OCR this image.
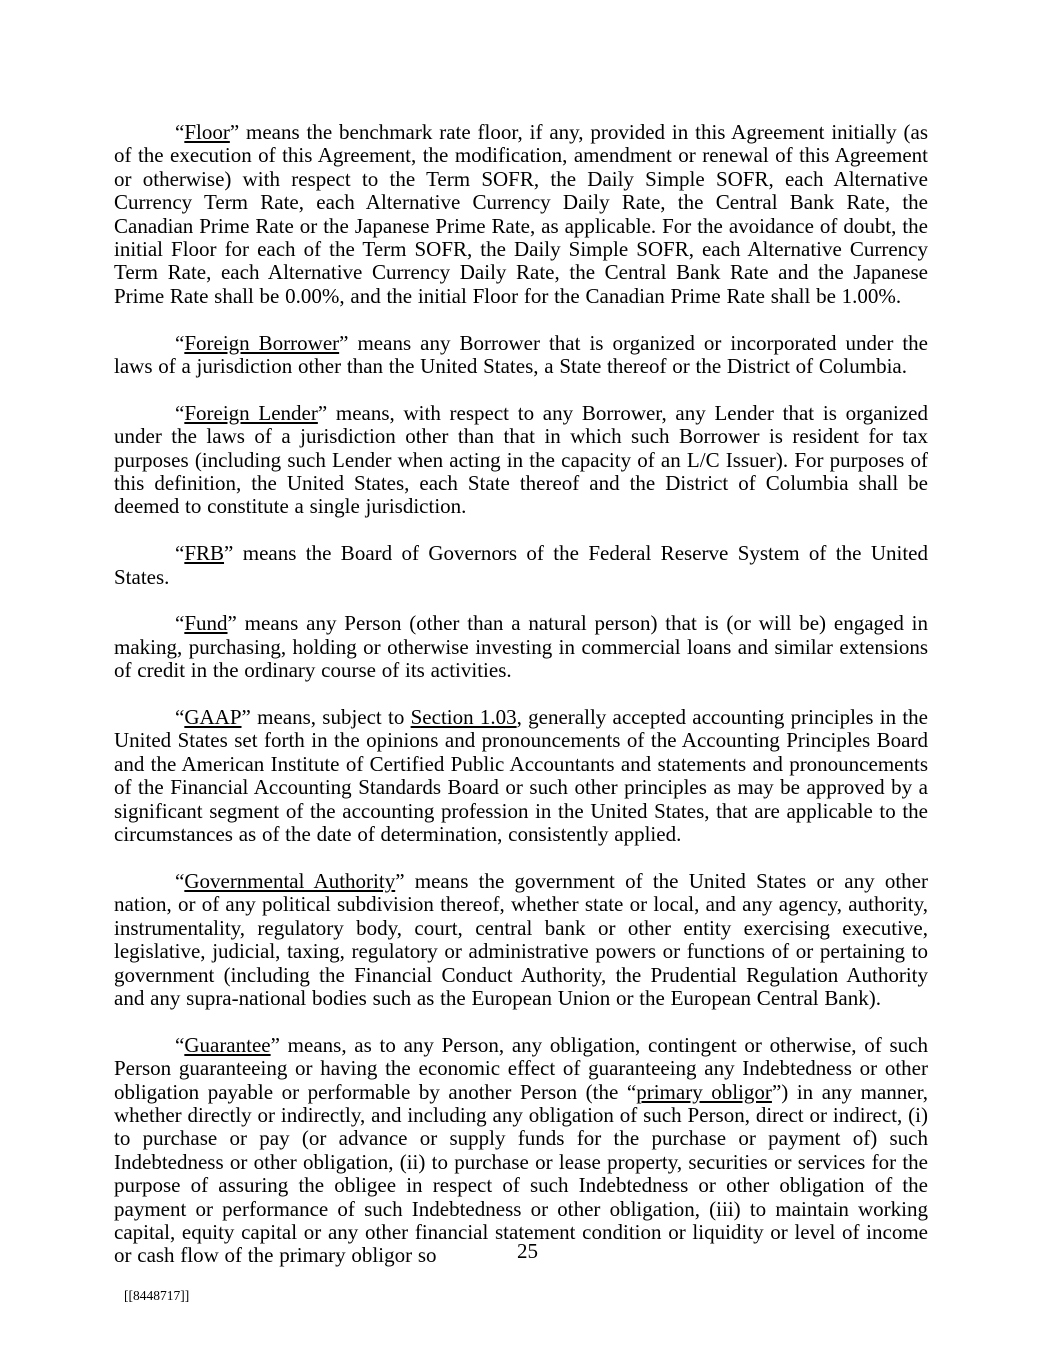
“Floor” means the benchmark rate floor, if any, provided in this Agreement initially (as of the execution of this Agreement, the modification, amendment or renewal of this Agreement or otherwise) with respect to the Term SOFR, the Daily Simple SOFR, each Alternative Currency Term Rate, each Alternative Currency Daily Rate, the Central Bank Rate, the Canadian Prime Rate or the Japanese Prime Rate, as applicable. For the avoidance of doubt, the initial Floor for each of the Term SOFR, the Daily Simple SOFR, each Alternative Currency Term Rate, each Alternative Currency Daily Rate, the Central Bank Rate and the Japanese Prime Rate shall be 0.00%, and the initial Floor for the Canadian Prime Rate shall be 1.00%.

“Foreign Borrower” means any Borrower that is organized or incorporated under the laws of a jurisdiction other than the United States, a State thereof or the District of Columbia.

“Foreign Lender” means, with respect to any Borrower, any Lender that is organized under the laws of a jurisdiction other than that in which such Borrower is resident for tax purposes (including such Lender when acting in the capacity of an L/C Issuer). For purposes of this definition, the United States, each State thereof and the District of Columbia shall be deemed to constitute a single jurisdiction.

“FRB” means the Board of Governors of the Federal Reserve System of the United States.

“Fund” means any Person (other than a natural person) that is (or will be) engaged in making, purchasing, holding or otherwise investing in commercial loans and similar extensions of credit in the ordinary course of its activities.

“GAAP” means, subject to Section 1.03, generally accepted accounting principles in the United States set forth in the opinions and pronouncements of the Accounting Principles Board and the American Institute of Certified Public Accountants and statements and pronouncements of the Financial Accounting Standards Board or such other principles as may be approved by a significant segment of the accounting profession in the United States, that are applicable to the circumstances as of the date of determination, consistently applied.

“Governmental Authority” means the government of the United States or any other nation, or of any political subdivision thereof, whether state or local, and any agency, authority, instrumentality, regulatory body, court, central bank or other entity exercising executive, legislative, judicial, taxing, regulatory or administrative powers or functions of or pertaining to government (including the Financial Conduct Authority, the Prudential Regulation Authority and any supra-national bodies such as the European Union or the European Central Bank).

“Guarantee” means, as to any Person, any obligation, contingent or otherwise, of such Person guaranteeing or having the economic effect of guaranteeing any Indebtedness or other obligation payable or performable by another Person (the “primary obligor”) in any manner, whether directly or indirectly, and including any obligation of such Person, direct or indirect, (i) to purchase or pay (or advance or supply funds for the purchase or payment of) such Indebtedness or other obligation, (ii) to purchase or lease property, securities or services for the purpose of assuring the obligee in respect of such Indebtedness or other obligation of the payment or performance of such Indebtedness or other obligation, (iii) to maintain working capital, equity capital or any other financial statement condition or liquidity or level of income or cash flow of the primary obligor so	25
[[8448717]]
